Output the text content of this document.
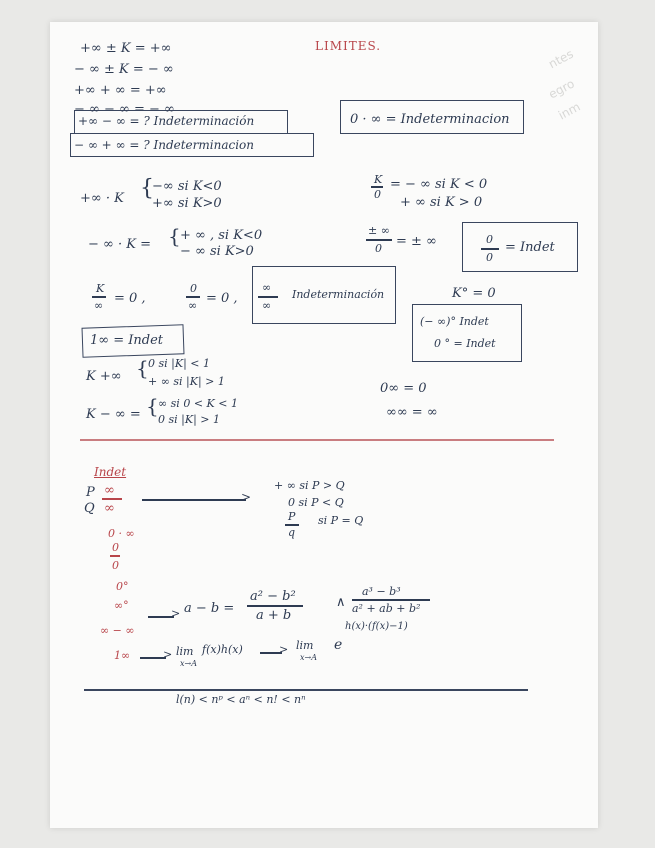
ntes
egro
inm
LIMITES.
+∞ ± K = +∞
− ∞ ± K = − ∞
+∞ + ∞ = +∞
− ∞ − ∞ = − ∞
+∞ − ∞ = ? Indeterminación
− ∞ + ∞ = ? Indeterminacion
0 · ∞ = Indeterminacion
+∞ · K {
−∞ si K<0
+∞ si K>0
K
0
= − ∞ si K < 0
+ ∞ si K > 0
− ∞ · K = { + ∞ , si K<0
− ∞ si K>0
± ∞
0 = ± ∞	0
0
= Indet
K
∞ = 0 ,
0
∞ = 0 ,
∞
∞
Indeterminación	K° = 0
1∞ = Indet
(− ∞)° Indet
0 ° = Indet
K +∞ { 0 si |K| < 1
+ ∞ si |K| > 1
K − ∞ = { ∞ si 0 < K < 1
0 si |K| > 1
0∞ = 0
∞∞ = ∞
Indet
P
Q
∞
∞
>
+ ∞ si P > Q
0 si P < Q
P
q
si P = Q
0 · ∞
0
0
0°
∞°
∞ − ∞
1∞
> a − b =
a² − b²
a + b
∧
a³ − b³
a² + ab + b²
> lim
x→A
f(x)h(x)	> lim
x→A
e
h(x)·(f(x)−1)
l(n) < nᵖ < aⁿ < n! < nⁿ
